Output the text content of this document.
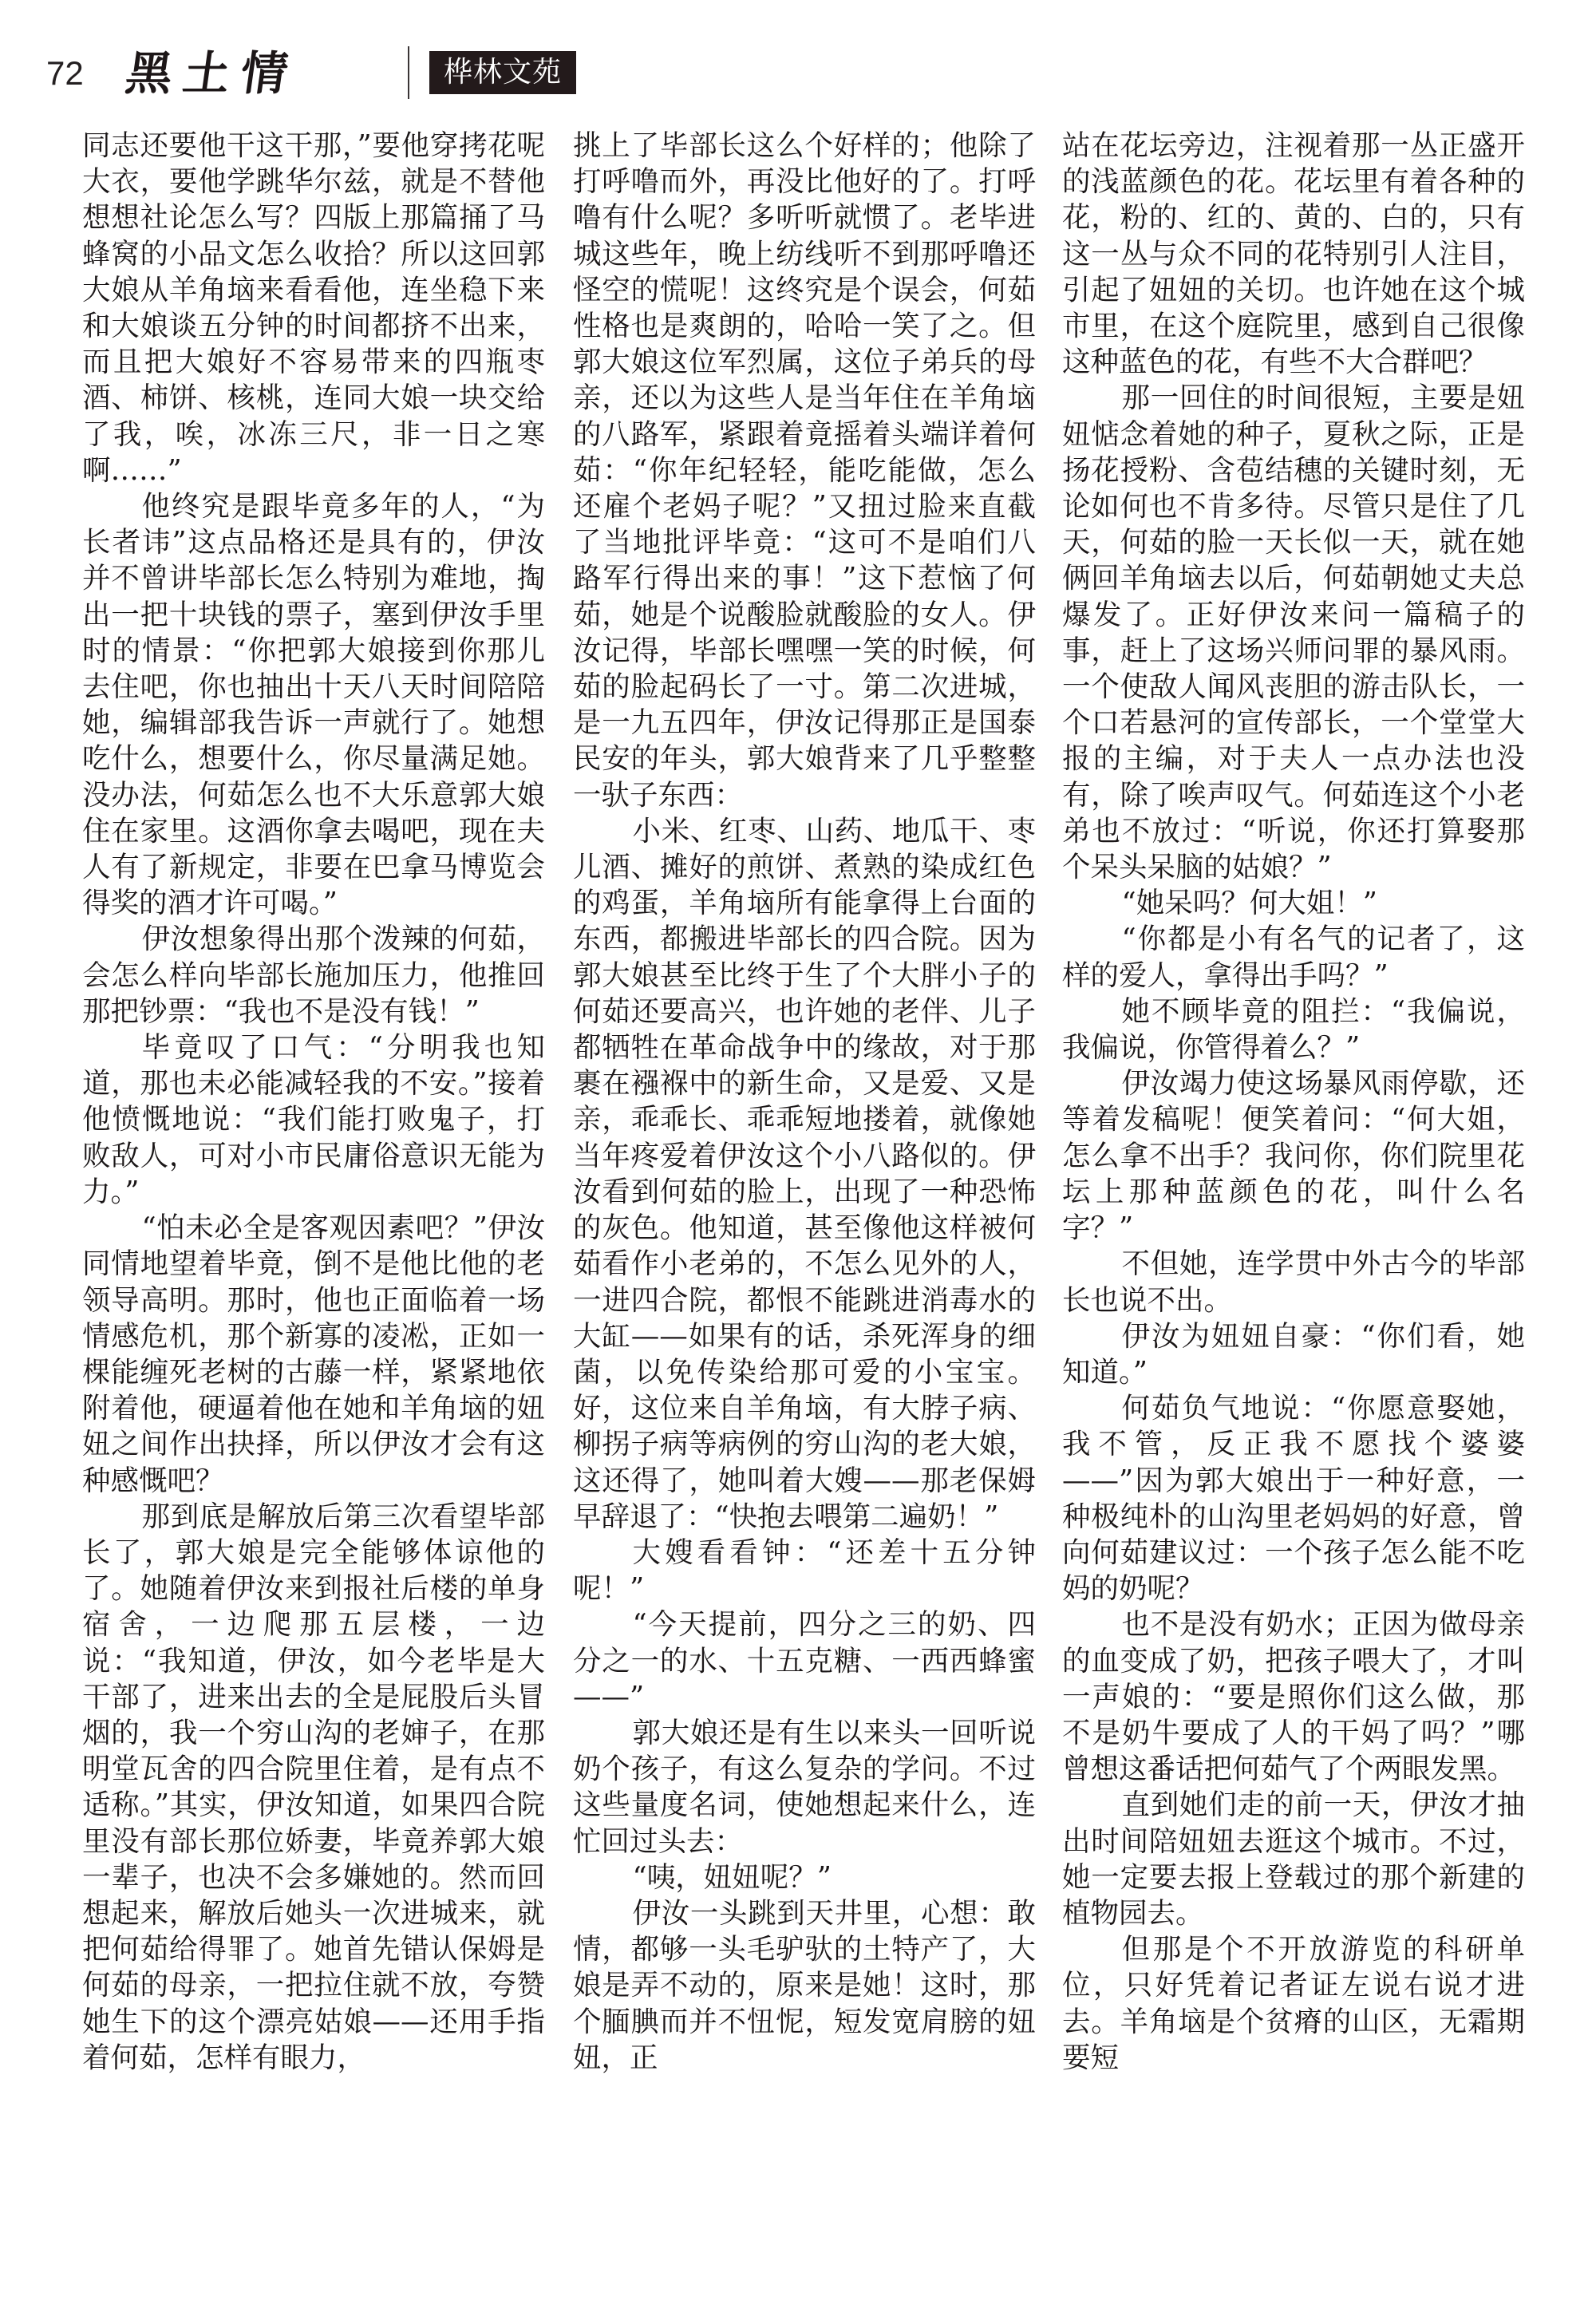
72 黑土情	桦林文苑

同志还要他干这干那，”要他穿拷花呢大衣，要他学跳华尔兹，就是不替他想想社论怎么写？四版上那篇捅了马蜂窝的小品文怎么收拾？所以这回郭大娘从羊角垴来看看他，连坐稳下来和大娘谈五分钟的时间都挤不出来，而且把大娘好不容易带来的四瓶枣酒、柿饼、核桃，连同大娘一块交给了我，唉，冰冻三尺，非一日之寒啊……”

他终究是跟毕竟多年的人，“为长者讳”这点品格还是具有的，伊汝并不曾讲毕部长怎么特别为难地，掏出一把十块钱的票子，塞到伊汝手里时的情景：“你把郭大娘接到你那儿去住吧，你也抽出十天八天时间陪陪她，编辑部我告诉一声就行了。她想吃什么，想要什么，你尽量满足她。没办法，何茹怎么也不大乐意郭大娘住在家里。这酒你拿去喝吧，现在夫人有了新规定，非要在巴拿马博览会得奖的酒才许可喝。”

伊汝想象得出那个泼辣的何茹，会怎么样向毕部长施加压力，他推回那把钞票：“我也不是没有钱！”

毕竟叹了口气：“分明我也知道，那也未必能减轻我的不安。”接着他愤慨地说：“我们能打败鬼子，打败敌人，可对小市民庸俗意识无能为力。”

“怕未必全是客观因素吧？”伊汝同情地望着毕竟，倒不是他比他的老领导高明。那时，他也正面临着一场情感危机，那个新寡的凌凇，正如一棵能缠死老树的古藤一样，紧紧地依附着他，硬逼着他在她和羊角垴的妞妞之间作出抉择，所以伊汝才会有这种感慨吧？

那到底是解放后第三次看望毕部长了，郭大娘是完全能够体谅他的了。她随着伊汝来到报社后楼的单身宿舍，一边爬那五层楼，一边说：“我知道，伊汝，如今老毕是大干部了，进来出去的全是屁股后头冒烟的，我一个穷山沟的老婶子，在那明堂瓦舍的四合院里住着，是有点不适称。”其实，伊汝知道，如果四合院里没有部长那位娇妻，毕竟养郭大娘一辈子，也决不会多嫌她的。然而回想起来，解放后她头一次进城来，就把何茹给得罪了。她首先错认保姆是何茹的母亲，一把拉住就不放，夸赞她生下的这个漂亮姑娘——还用手指着何茹，怎样有眼力，

挑上了毕部长这么个好样的；他除了打呼噜而外，再没比他好的了。打呼噜有什么呢？多听听就惯了。老毕进城这些年，晚上纺线听不到那呼噜还怪空的慌呢！这终究是个误会，何茹性格也是爽朗的，哈哈一笑了之。但郭大娘这位军烈属，这位子弟兵的母亲，还以为这些人是当年住在羊角垴的八路军，紧跟着竟摇着头端详着何茹：“你年纪轻轻，能吃能做，怎么还雇个老妈子呢？”又扭过脸来直截了当地批评毕竟：“这可不是咱们八路军行得出来的事！”这下惹恼了何茹，她是个说酸脸就酸脸的女人。伊汝记得，毕部长嘿嘿一笑的时候，何茹的脸起码长了一寸。第二次进城，是一九五四年，伊汝记得那正是国泰民安的年头，郭大娘背来了几乎整整一驮子东西：

小米、红枣、山药、地瓜干、枣儿酒、摊好的煎饼、煮熟的染成红色的鸡蛋，羊角垴所有能拿得上台面的东西，都搬进毕部长的四合院。因为郭大娘甚至比终于生了个大胖小子的何茹还要高兴，也许她的老伴、儿子都牺牲在革命战争中的缘故，对于那裹在襁褓中的新生命，又是爱、又是亲，乖乖长、乖乖短地搂着，就像她当年疼爱着伊汝这个小八路似的。伊汝看到何茹的脸上，出现了一种恐怖的灰色。他知道，甚至像他这样被何茹看作小老弟的，不怎么见外的人，一进四合院，都恨不能跳进消毒水的大缸——如果有的话，杀死浑身的细菌，以免传染给那可爱的小宝宝。好，这位来自羊角垴，有大脖子病、柳拐子病等病例的穷山沟的老大娘，这还得了，她叫着大嫂——那老保姆早辞退了：“快抱去喂第二遍奶！”

大嫂看看钟：“还差十五分钟呢！”

“今天提前，四分之三的奶、四分之一的水、十五克糖、一西西蜂蜜——”

郭大娘还是有生以来头一回听说奶个孩子，有这么复杂的学问。不过这些量度名词，使她想起来什么，连忙回过头去：

“咦，妞妞呢？”

伊汝一头跳到天井里，心想：敢情，都够一头毛驴驮的土特产了，大娘是弄不动的，原来是她！这时，那个腼腆而并不忸怩，短发宽肩膀的妞妞，正

站在花坛旁边，注视着那一丛正盛开的浅蓝颜色的花。花坛里有着各种的花，粉的、红的、黄的、白的，只有这一丛与众不同的花特别引人注目，引起了妞妞的关切。也许她在这个城市里，在这个庭院里，感到自己很像这种蓝色的花，有些不大合群吧？

那一回住的时间很短，主要是妞妞惦念着她的种子，夏秋之际，正是扬花授粉、含苞结穗的关键时刻，无论如何也不肯多待。尽管只是住了几天，何茹的脸一天长似一天，就在她俩回羊角垴去以后，何茹朝她丈夫总爆发了。正好伊汝来问一篇稿子的事，赶上了这场兴师问罪的暴风雨。一个使敌人闻风丧胆的游击队长，一个口若悬河的宣传部长，一个堂堂大报的主编，对于夫人一点办法也没有，除了唉声叹气。何茹连这个小老弟也不放过：“听说，你还打算娶那个呆头呆脑的姑娘？”

“她呆吗？何大姐！”

“你都是小有名气的记者了，这样的爱人，拿得出手吗？”

她不顾毕竟的阻拦：“我偏说，我偏说，你管得着么？”

伊汝竭力使这场暴风雨停歇，还等着发稿呢！便笑着问：“何大姐，怎么拿不出手？我问你，你们院里花坛上那种蓝颜色的花，叫什么名字？”

不但她，连学贯中外古今的毕部长也说不出。

伊汝为妞妞自豪：“你们看，她知道。”

何茹负气地说：“你愿意娶她，我不管，反正我不愿找个婆婆——”因为郭大娘出于一种好意，一种极纯朴的山沟里老妈妈的好意，曾向何茹建议过：一个孩子怎么能不吃妈的奶呢？

也不是没有奶水；正因为做母亲的血变成了奶，把孩子喂大了，才叫一声娘的：“要是照你们这么做，那不是奶牛要成了人的干妈了吗？”哪曾想这番话把何茹气了个两眼发黑。

直到她们走的前一天，伊汝才抽出时间陪妞妞去逛这个城市。不过，她一定要去报上登载过的那个新建的植物园去。

但那是个不开放游览的科研单位，只好凭着记者证左说右说才进去。羊角垴是个贫瘠的山区，无霜期要短
